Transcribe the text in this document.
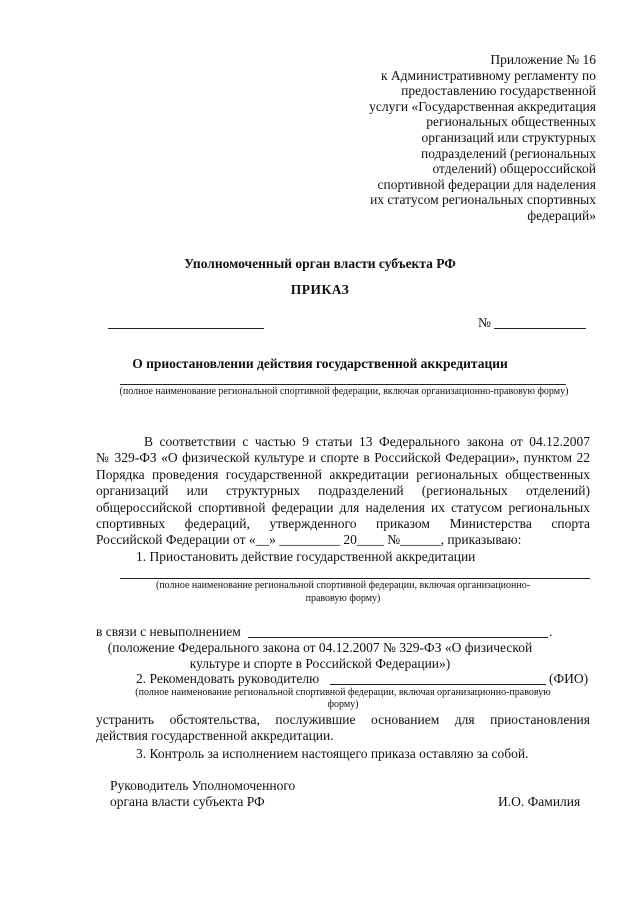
Приложение № 16
к Административному регламенту по
предоставлению государственной
услуги «Государственная аккредитация
региональных общественных
организаций или структурных
подразделений (региональных
отделений) общероссийской
спортивной федерации для наделения
их статусом региональных спортивных
федераций»
Уполномоченный орган власти субъекта РФ
ПРИКАЗ
№
О приостановлении действия государственной аккредитации
(полное наименование региональной спортивной федерации, включая организационно-правовую форму)
В соответствии с частью 9 статьи 13 Федерального закона от 04.12.2007
№ 329-ФЗ «О физической культуре и спорте в Российской Федерации», пунктом 22
Порядка проведения государственной аккредитации региональных общественных
организаций или структурных подразделений (региональных отделений)
общероссийской спортивной федерации для наделения их статусом региональных
спортивных федераций, утвержденного приказом Министерства спорта
Российской Федерации от «__» _________ 20____ №______, приказываю:
1. Приостановить действие государственной аккредитации
(полное наименование региональной спортивной федерации, включая организационно-
правовую форму)
в связи с невыполнением	.
(положение Федерального закона от 04.12.2007 № 329-ФЗ «О физической
культуре и спорте в Российской Федерации»)
2. Рекомендовать руководителю	(ФИО)
(полное наименование региональной спортивной федерации, включая организационно-правовую
форму)
устранить обстоятельства, послужившие основанием для приостановления
действия государственной аккредитации.
3. Контроль за исполнением настоящего приказа оставляю за собой.
Руководитель Уполномоченного
органа власти субъекта РФ	И.О. Фамилия
